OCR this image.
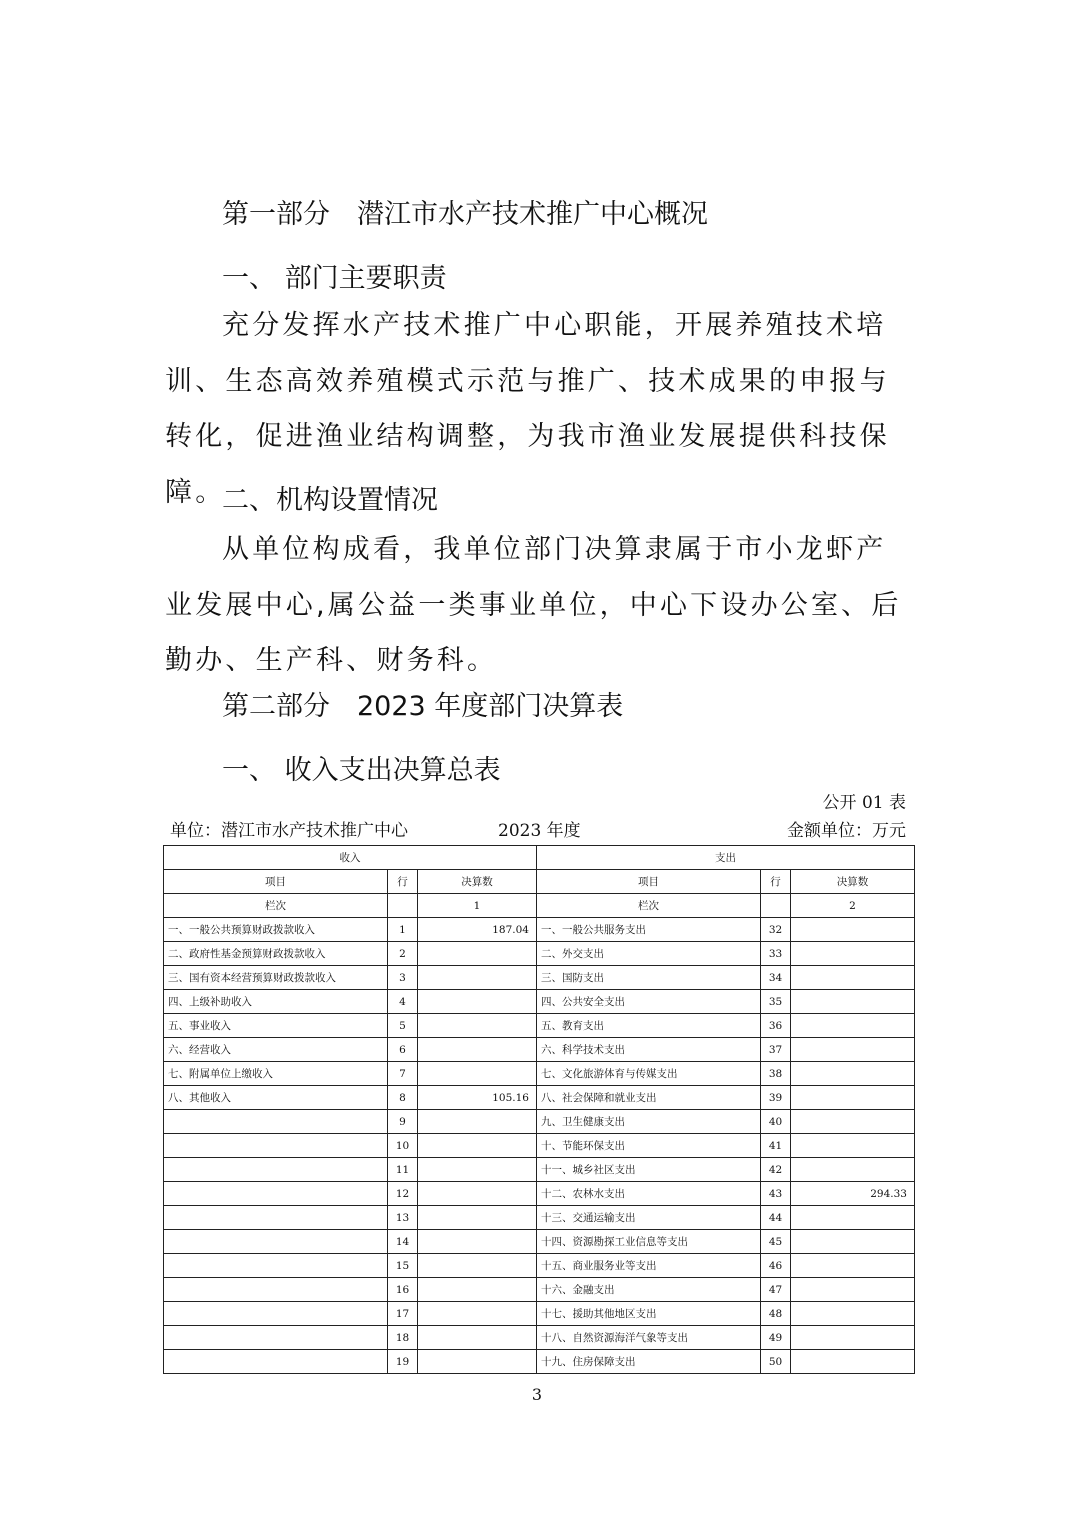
第一部分　潜江市水产技术推广中心概况
一、 部门主要职责

充分发挥水产技术推广中心职能，开展养殖技术培训、生态高效养殖模式示范与推广、技术成果的申报与转化，促进渔业结构调整，为我市渔业发展提供科技保障。

二、机构设置情况

从单位构成看，我单位部门决算隶属于市小龙虾产业发展中心,属公益一类事业单位，中心下设办公室、后勤办、生产科、财务科。

第二部分　2023 年度部门决算表
一、 收入支出决算总表
公开 01 表
单位：潜江市水产技术推广中心	2023 年度	金额单位：万元
收入			支出		
项目	行	决算数	项目	行	决算数
栏次		1	栏次		2
一、一般公共预算财政拨款收入	1	187.04	一、一般公共服务支出	32	
二、政府性基金预算财政拨款收入	2		二、外交支出	33	
三、国有资本经营预算财政拨款收入	3		三、国防支出	34	
四、上级补助收入	4		四、公共安全支出	35	
五、事业收入	5		五、教育支出	36	
六、经营收入	6		六、科学技术支出	37	
七、附属单位上缴收入	7		七、文化旅游体育与传媒支出	38	
八、其他收入	8	105.16	八、社会保障和就业支出	39	
	9		九、卫生健康支出	40	
	10		十、节能环保支出	41	
	11		十一、城乡社区支出	42	
	12		十二、农林水支出	43	294.33
	13		十三、交通运输支出	44	
	14		十四、资源勘探工业信息等支出	45	
	15		十五、商业服务业等支出	46	
	16		十六、金融支出	47	
	17		十七、援助其他地区支出	48	
	18		十八、自然资源海洋气象等支出	49	
	19		十九、住房保障支出	50	
3
